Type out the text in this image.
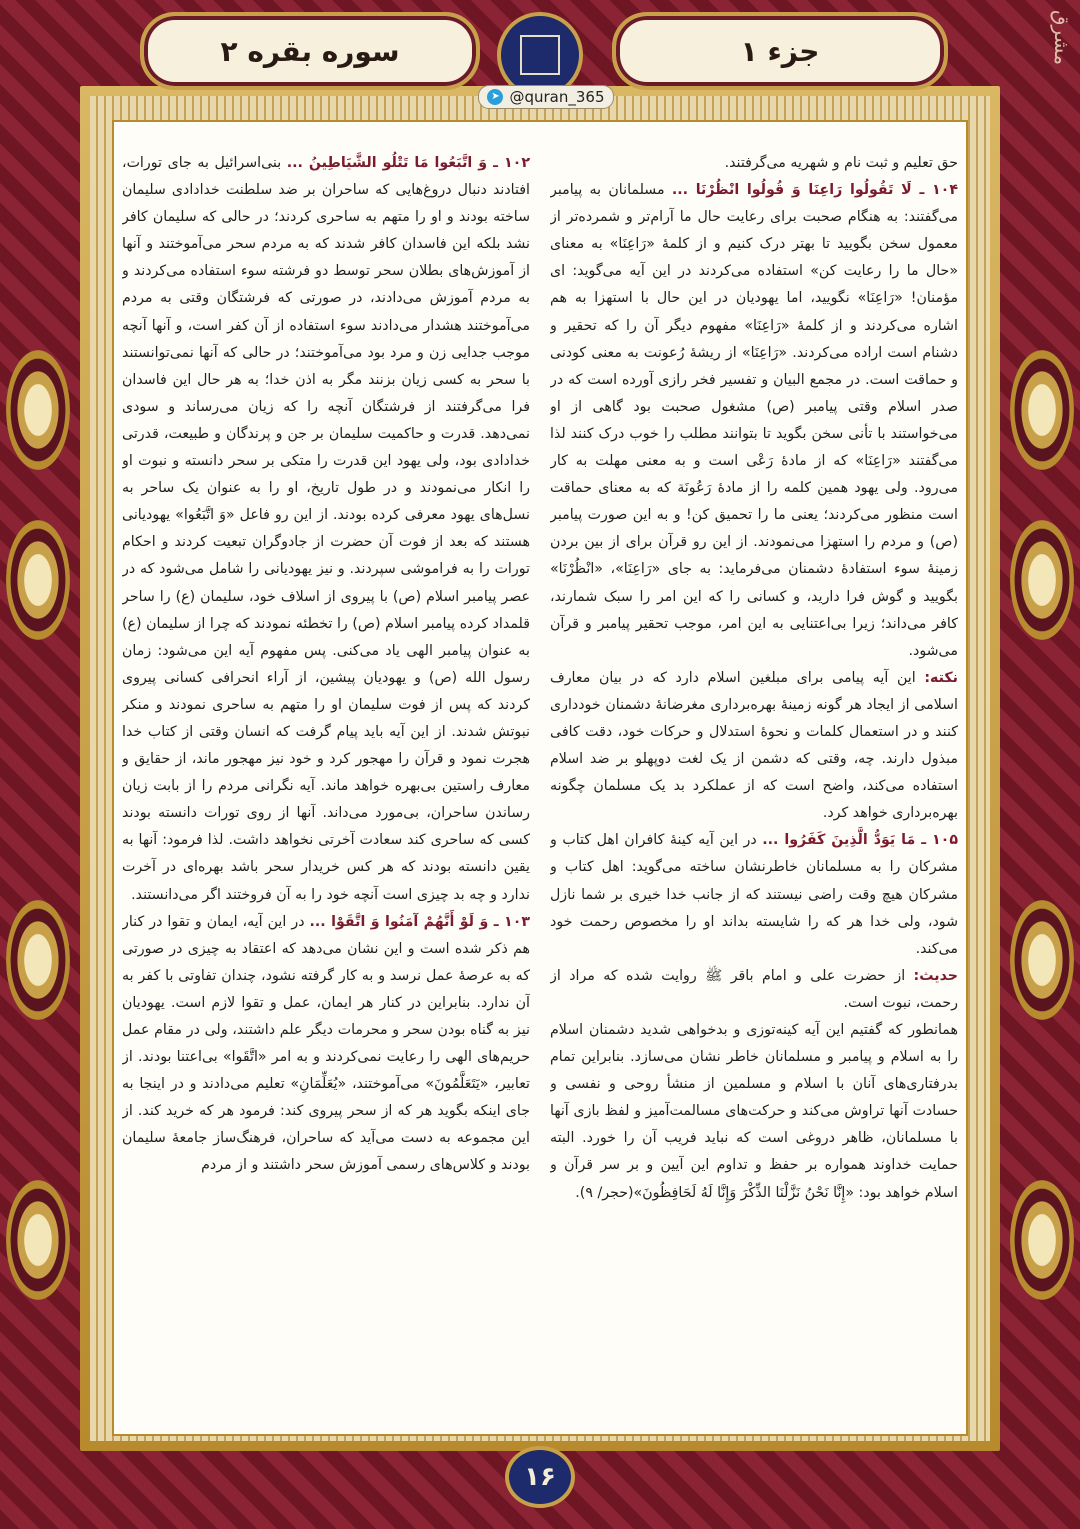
جزء ۱
سوره بقره ۲
➤ @quran_365
مشرق

۱۰۲ ـ وَ اتَّبَعُوا مَا تَتْلُو الشَّيَاطِينُ ... بنی‌اسرائیل به جای تورات، افتادند دنبال دروغ‌هایی که ساحران بر ضد سلطنت خدادادی سلیمان ساخته بودند و او را متهم به ساحری کردند؛ در حالی که سلیمان کافر نشد بلکه این فاسدان کافر شدند که به مردم سحر می‌آموختند و آنها از آموزش‌های بطلان سحر توسط دو فرشته سوء استفاده می‌کردند و به مردم آموزش می‌دادند، در صورتی که فرشتگان وقتی به مردم می‌آموختند هشدار می‌دادند سوء استفاده از آن کفر است، و آنها آنچه موجب جدایی زن و مرد بود می‌آموختند؛ در حالی که آنها نمی‌توانستند با سحر به کسی زیان بزنند مگر به اذن خدا؛ به هر حال این فاسدان فرا می‌گرفتند از فرشتگان آنچه را که زیان می‌رساند و سودی نمی‌دهد. قدرت و حاکمیت سلیمان بر جن و پرندگان و طبیعت، قدرتی خدادادی بود، ولی یهود این قدرت را متکی بر سحر دانسته و نبوت او را انکار می‌نمودند و در طول تاریخ، او را به عنوان یک ساحر به نسل‌های یهود معرفی کرده بودند. از این رو فاعل «وَ اتَّبَعُوا» یهودیانی هستند که بعد از فوت آن حضرت از جادوگران تبعیت کردند و احکام تورات را به فراموشی سپردند. و نیز یهودیانی را شامل می‌شود که در عصر پیامبر اسلام (ص) با پیروی از اسلاف خود، سلیمان (ع) را ساحر قلمداد کرده پیامبر اسلام (ص) را تخطئه نمودند که چرا از سلیمان (ع) به عنوان پیامبر الهی یاد می‌کنی. پس مفهوم آیه این می‌شود: زمان رسول الله (ص) و یهودیان پیشین، از آراء انحرافی کسانی پیروی کردند که پس از فوت سلیمان او را متهم به ساحری نمودند و منکر نبوتش شدند. از این آیه باید پیام گرفت که انسان وقتی از کتاب خدا هجرت نمود و قرآن را مهجور کرد و خود نیز مهجور ماند، از حقایق و معارف راستین بی‌بهره خواهد ماند. آیه نگرانی مردم را از بابت زیان رساندن ساحران، بی‌مورد می‌داند. آنها از روی تورات دانسته بودند کسی که ساحری کند سعادت آخرتی نخواهد داشت. لذا فرمود: آنها به یقین دانسته بودند که هر کس خریدار سحر باشد بهره‌ای در آخرت ندارد و چه بد چیزی است آنچه خود را به آن فروختند اگر می‌دانستند.

۱۰۳ ـ وَ لَوْ أَنَّهُمْ آمَنُوا وَ اتَّقَوْا ... در این آیه، ایمان و تقوا در کنار هم ذکر شده است و این نشان می‌دهد که اعتقاد به چیزی در صورتی که به عرصهٔ عمل نرسد و به کار گرفته نشود، چندان تفاوتی با کفر به آن ندارد. بنابراین در کنار هر ایمان، عمل و تقوا لازم است. یهودیان نیز به گناه بودن سحر و محرمات دیگر علم داشتند، ولی در مقام عمل حریم‌های الهی را رعایت نمی‌کردند و به امر «اتَّقَوا» بی‌اعتنا بودند. از تعابیر، «يَتَعَلَّمُونَ» می‌آموختند، «يُعَلِّمَانِ» تعلیم می‌دادند و در اینجا به جای اینکه بگوید هر که از سحر پیروی کند: فرمود هر که خرید کند. از این مجموعه به دست می‌آید که ساحران، فرهنگ‌ساز جامعهٔ سلیمان بودند و کلاس‌های رسمی آموزش سحر داشتند و از مردم

حق تعلیم و ثبت نام و شهریه می‌گرفتند.

۱۰۴ ـ لَا تَقُولُوا رَاعِنَا وَ قُولُوا انْظُرْنَا ... مسلمانان به پیامبر می‌گفتند: به هنگام صحبت برای رعایت حال ما آرام‌تر و شمرده‌تر از معمول سخن بگویید تا بهتر درک کنیم و از کلمهٔ «رَاعِنَا» به معنای «حال ما را رعایت کن» استفاده می‌کردند در این آیه می‌گوید: ای مؤمنان! «رَاعِنَا» نگویید، اما یهودیان در این حال با استهزا به هم اشاره می‌کردند و از کلمهٔ «رَاعِنَا» مفهوم دیگر آن را که تحقیر و دشنام است اراده می‌کردند. «رَاعِنَا» از ریشهٔ رُعونت به معنی کودنی و حماقت است. در مجمع البیان و تفسیر فخر رازی آورده است که در صدر اسلام وقتی پیامبر (ص) مشغول صحبت بود گاهی از او می‌خواستند با تأنی سخن بگوید تا بتوانند مطلب را خوب درک کنند لذا می‌گفتند «رَاعِنَا» که از مادهٔ رَعْی است و به معنی مهلت به کار می‌رود. ولی یهود همین کلمه را از مادهٔ رَعُونَة که به معنای حماقت است منظور می‌کردند؛ یعنی ما را تحمیق کن! و به این صورت پیامبر (ص) و مردم را استهزا می‌نمودند. از این رو قرآن برای از بین بردن زمینهٔ سوء استفادهٔ دشمنان می‌فرماید: به جای «رَاعِنَا»، «انْظُرْنَا» بگویید و گوش فرا دارید، و کسانی را که این امر را سبک شمارند، کافر می‌داند؛ زیرا بی‌اعتنایی به این امر، موجب تحقیر پیامبر و قرآن می‌شود.

نکته: این آیه پیامی برای مبلغین اسلام دارد که در بیان معارف اسلامی از ایجاد هر گونه زمینهٔ بهره‌برداری مغرضانهٔ دشمنان خودداری کنند و در استعمال کلمات و نحوهٔ استدلال و حرکات خود، دقت کافی مبذول دارند. چه، وقتی که دشمن از یک لغت دوپهلو بر ضد اسلام استفاده می‌کند، واضح است که از عملکرد بد یک مسلمان چگونه بهره‌برداری خواهد کرد.

۱۰۵ ـ مَا يَوَدُّ الَّذِينَ كَفَرُوا ... در این آیه کینهٔ کافران اهل کتاب و مشرکان را به مسلمانان خاطرنشان ساخته می‌گوید: اهل کتاب و مشرکان هیچ وقت راضی نیستند که از جانب خدا خیری بر شما نازل شود، ولی خدا هر که را شایسته بداند او را مخصوص رحمت خود می‌کند.

حدیث: از حضرت علی و امام باقر ﷺ روایت شده که مراد از رحمت، نبوت است.

همانطور که گفتیم این آیه کینه‌توزی و بدخواهی شدید دشمنان اسلام را به اسلام و پیامبر و مسلمانان خاطر نشان می‌سازد. بنابراین تمام بدرفتاری‌های آنان با اسلام و مسلمین از منشأ روحی و نفسی و حسادت آنها تراوش می‌کند و حرکت‌های مسالمت‌آمیز و لفظ بازی آنها با مسلمانان، ظاهر دروغی است که نباید فریب آن را خورد. البته حمایت خداوند همواره بر حفظ و تداوم این آیین و بر سر قرآن و اسلام خواهد بود: «إِنَّا نَحْنُ نَزَّلْنَا الذِّكْرَ وَإِنَّا لَهُ لَحَافِظُونَ»(حجر/ ۹).

۱۶
